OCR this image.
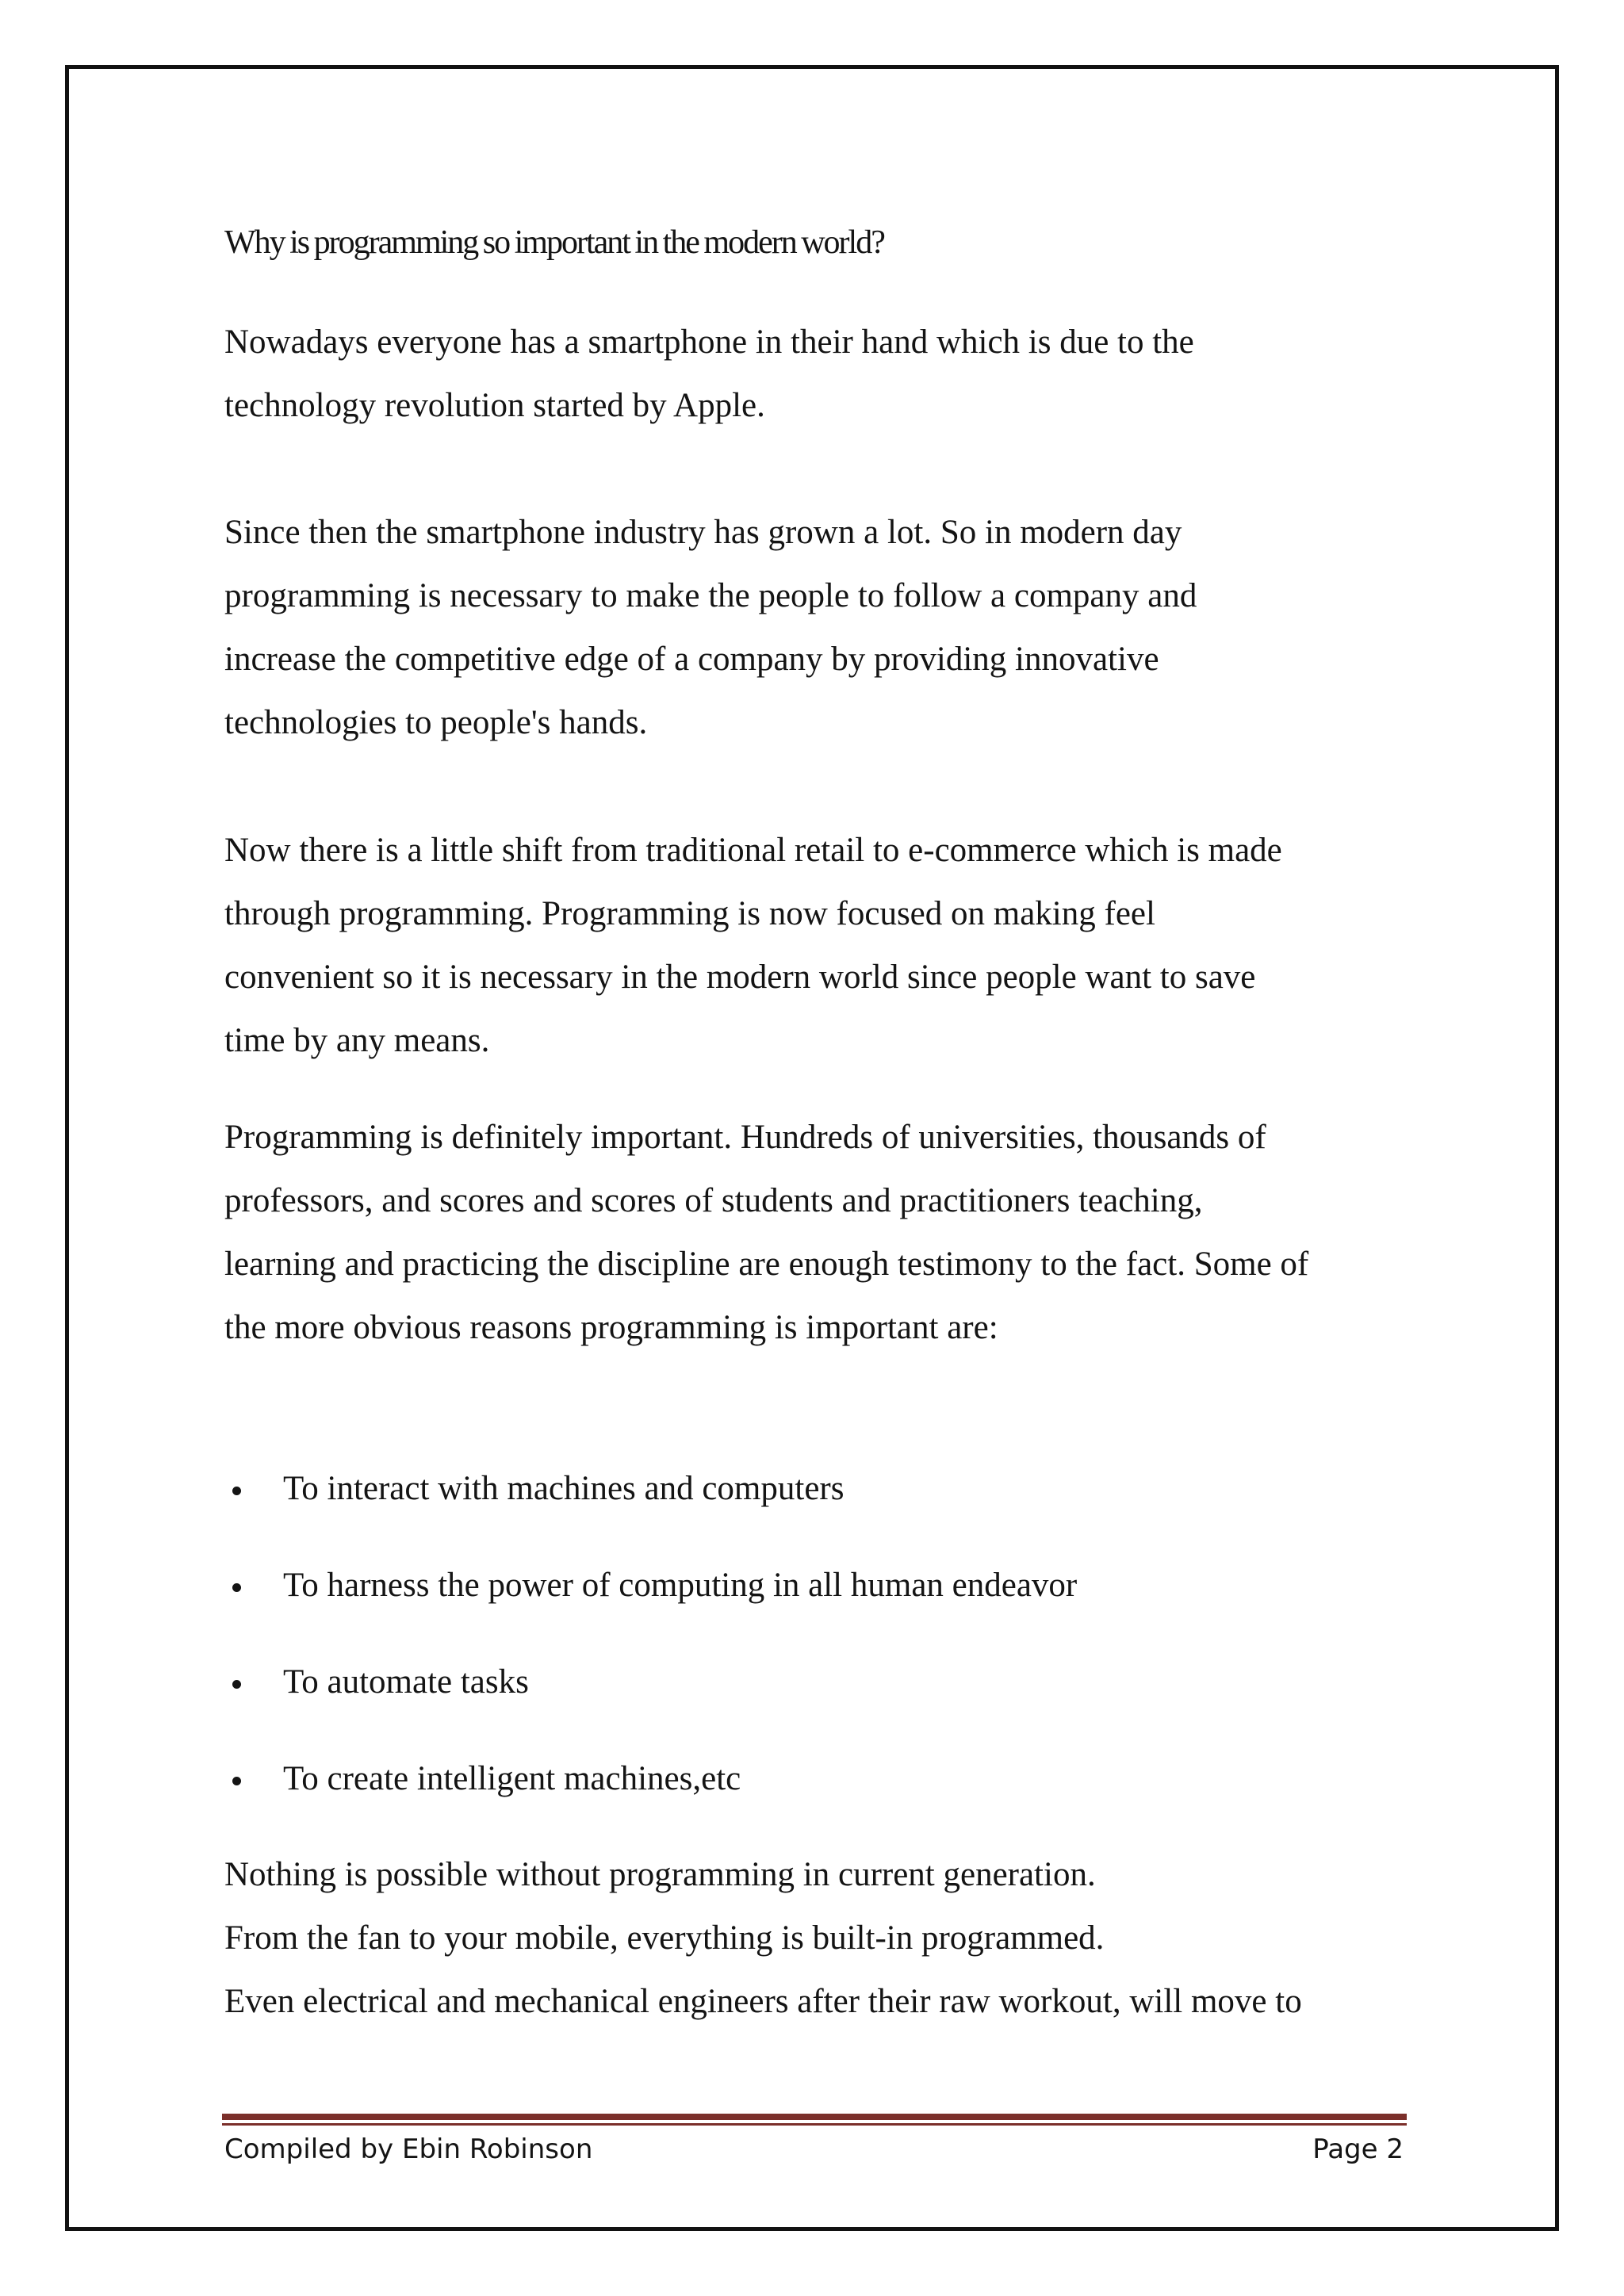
Why is programming so important in the modern world?

Nowadays everyone has a smartphone in their hand which is due to the
technology revolution started by Apple.

Since then the smartphone industry has grown a lot. So in modern day
programming is necessary to make the people to follow a company and
increase the competitive edge of a company by providing innovative
technologies to people's hands.

Now there is a little shift from traditional retail to e-commerce which is made
through programming. Programming is now focused on making feel
convenient so it is necessary in the modern world since people want to save
time by any means.

Programming is definitely important. Hundreds of universities, thousands of
professors, and scores and scores of students and practitioners teaching,
learning and practicing the discipline are enough testimony to the fact. Some of
the more obvious reasons programming is important are:

To interact with machines and computers
To harness the power of computing in all human endeavor
To automate tasks
To create intelligent machines,etc

Nothing is possible without programming in current generation.
From the fan to your mobile, everything is built-in programmed.
Even electrical and mechanical engineers after their raw workout, will move to

Compiled by Ebin Robinson	Page 2
